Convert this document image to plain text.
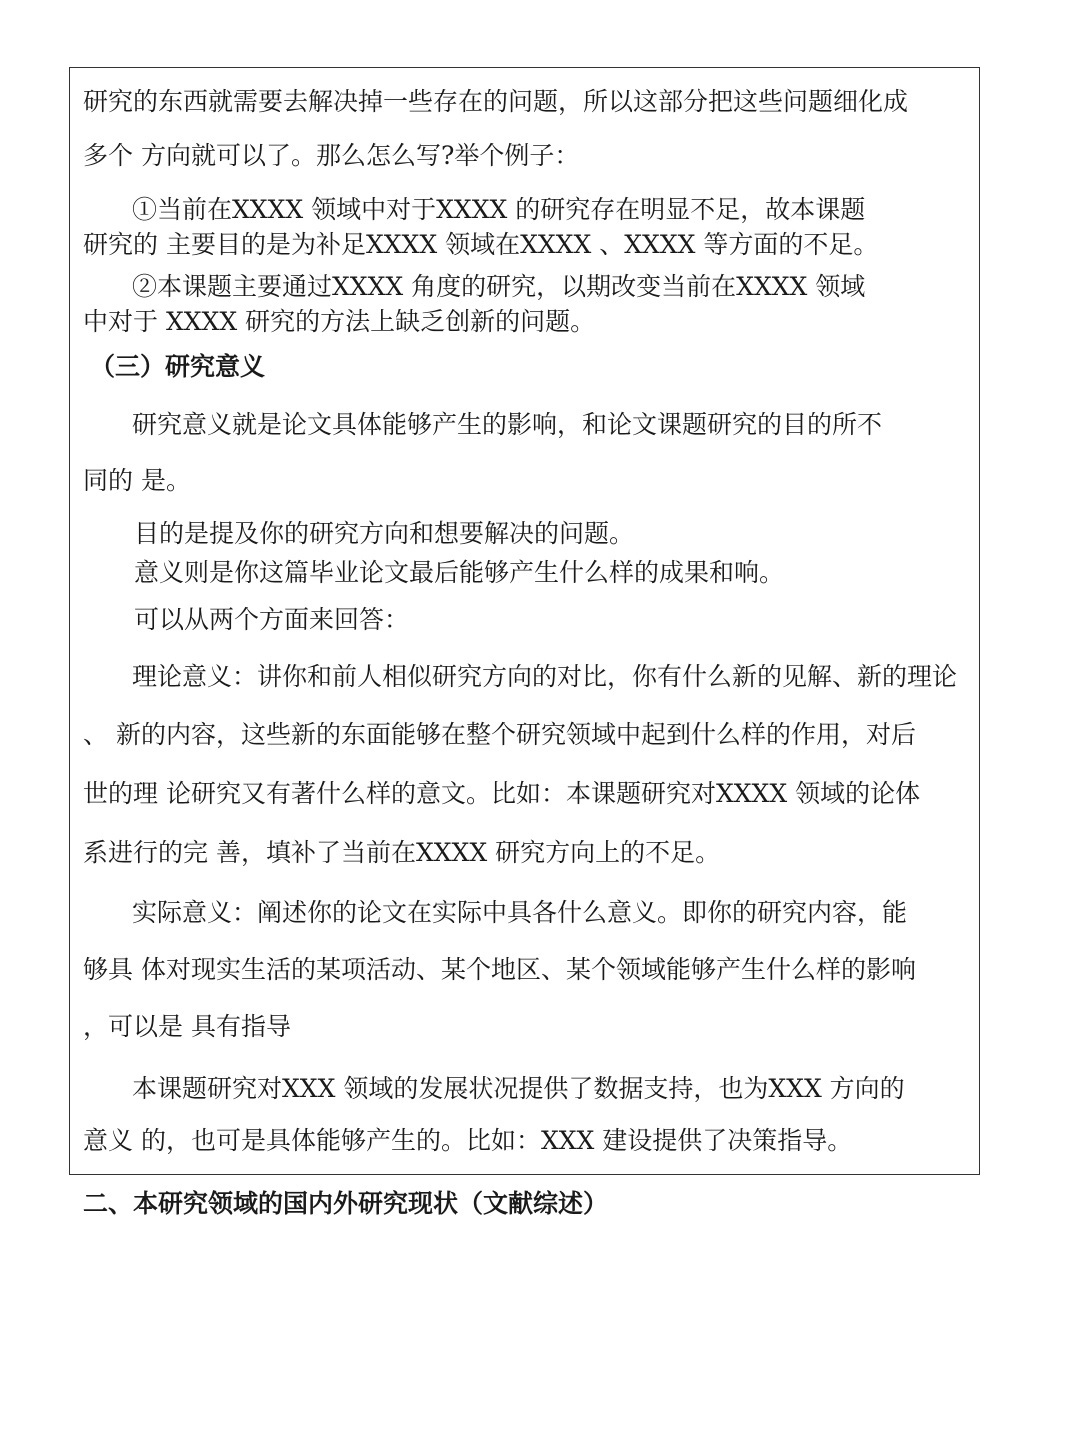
研究的东西就需要去解决掉一些存在的问题，所以这部分把这些问题细化成
多个 方向就可以了。那么怎么写?举个例子：
①当前在XXXX 领域中对于XXXX 的研究存在明显不足，故本课题
研究的 主要目的是为补足XXXX 领域在XXXX 、XXXX 等方面的不足。
②本课题主要通过XXXX 角度的研究，以期改变当前在XXXX 领域
中对于 XXXX 研究的方法上缺乏创新的问题。
（三）研究意义
研究意义就是论文具体能够产生的影响，和论文课题研究的目的所不
同的 是。
目的是提及你的研究方向和想要解决的问题。
意义则是你这篇毕业论文最后能够产生什么样的成果和响。
可以从两个方面来回答：
理论意义：讲你和前人相似研究方向的对比，你有什么新的见解、新的理论
、 新的内容，这些新的东面能够在整个研究领域中起到什么样的作用，对后
世的理 论研究又有著什么样的意文。比如：本课题研究对XXXX 领域的论体
系进行的完 善，填补了当前在XXXX 研究方向上的不足。
实际意义：阐述你的论文在实际中具各什么意义。即你的研究内容，能
够具 体对现实生活的某项活动、某个地区、某个领域能够产生什么样的影响
，可以是 具有指导
本课题研究对XXX 领域的发展状况提供了数据支持，也为XXX 方向的
意义 的，也可是具体能够产生的。比如：XXX 建设提供了决策指导。
二、本研究领域的国内外研究现状（文献综述）
